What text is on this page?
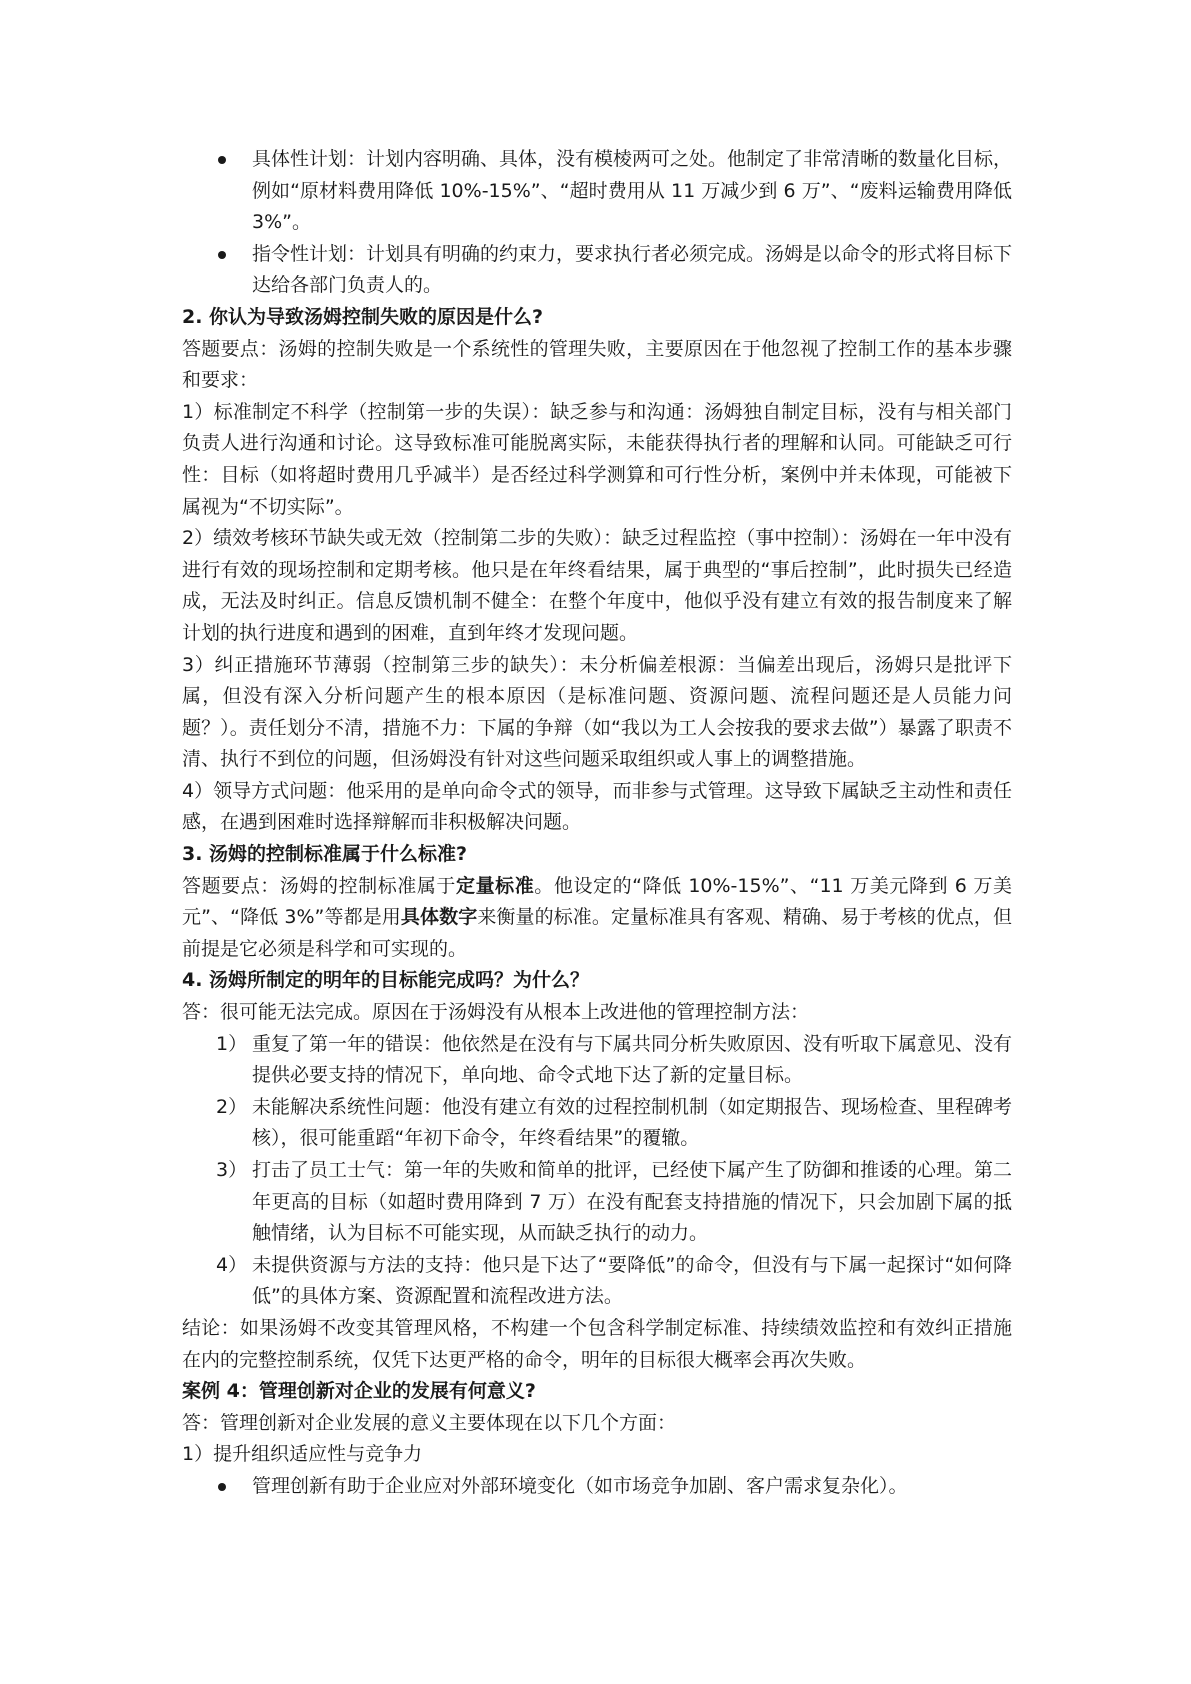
具体性计划：计划内容明确、具体，没有模棱两可之处。他制定了非常清晰的数量化目标，例如“原材料费用降低 10%-15%”、“超时费用从 11 万减少到 6 万”、“废料运输费用降低 3%”。

指令性计划：计划具有明确的约束力，要求执行者必须完成。汤姆是以命令的形式将目标下达给各部门负责人的。

2. 你认为导致汤姆控制失败的原因是什么?

答题要点：汤姆的控制失败是一个系统性的管理失败，主要原因在于他忽视了控制工作的基本步骤和要求：

1）标准制定不科学（控制第一步的失误）：缺乏参与和沟通：汤姆独自制定目标，没有与相关部门负责人进行沟通和讨论。这导致标准可能脱离实际，未能获得执行者的理解和认同。可能缺乏可行性：目标（如将超时费用几乎减半）是否经过科学测算和可行性分析，案例中并未体现，可能被下属视为“不切实际”。

2）绩效考核环节缺失或无效（控制第二步的失败）：缺乏过程监控（事中控制）：汤姆在一年中没有进行有效的现场控制和定期考核。他只是在年终看结果，属于典型的“事后控制”，此时损失已经造成，无法及时纠正。信息反馈机制不健全：在整个年度中，他似乎没有建立有效的报告制度来了解计划的执行进度和遇到的困难，直到年终才发现问题。

3）纠正措施环节薄弱（控制第三步的缺失）：未分析偏差根源：当偏差出现后，汤姆只是批评下属，但没有深入分析问题产生的根本原因（是标准问题、资源问题、流程问题还是人员能力问题？）。责任划分不清，措施不力：下属的争辩（如“我以为工人会按我的要求去做”）暴露了职责不清、执行不到位的问题，但汤姆没有针对这些问题采取组织或人事上的调整措施。

4）领导方式问题：他采用的是单向命令式的领导，而非参与式管理。这导致下属缺乏主动性和责任感，在遇到困难时选择辩解而非积极解决问题。

3. 汤姆的控制标准属于什么标准?

答题要点：汤姆的控制标准属于定量标准。他设定的“降低 10%-15%”、“11 万美元降到 6 万美元”、“降低 3%”等都是用具体数字来衡量的标准。定量标准具有客观、精确、易于考核的优点，但前提是它必须是科学和可实现的。

4. 汤姆所制定的明年的目标能完成吗？为什么？

答：很可能无法完成。原因在于汤姆没有从根本上改进他的管理控制方法：

1） 重复了第一年的错误：他依然是在没有与下属共同分析失败原因、没有听取下属意见、没有提供必要支持的情况下，单向地、命令式地下达了新的定量目标。

2） 未能解决系统性问题：他没有建立有效的过程控制机制（如定期报告、现场检查、里程碑考核），很可能重蹈“年初下命令，年终看结果”的覆辙。

3） 打击了员工士气：第一年的失败和简单的批评，已经使下属产生了防御和推诿的心理。第二年更高的目标（如超时费用降到 7 万）在没有配套支持措施的情况下，只会加剧下属的抵触情绪，认为目标不可能实现，从而缺乏执行的动力。

4） 未提供资源与方法的支持：他只是下达了“要降低”的命令，但没有与下属一起探讨“如何降低”的具体方案、资源配置和流程改进方法。

结论：如果汤姆不改变其管理风格，不构建一个包含科学制定标准、持续绩效监控和有效纠正措施在内的完整控制系统，仅凭下达更严格的命令，明年的目标很大概率会再次失败。

案例 4：管理创新对企业的发展有何意义?

答：管理创新对企业发展的意义主要体现在以下几个方面：

1）提升组织适应性与竞争力

管理创新有助于企业应对外部环境变化（如市场竞争加剧、客户需求复杂化）。
